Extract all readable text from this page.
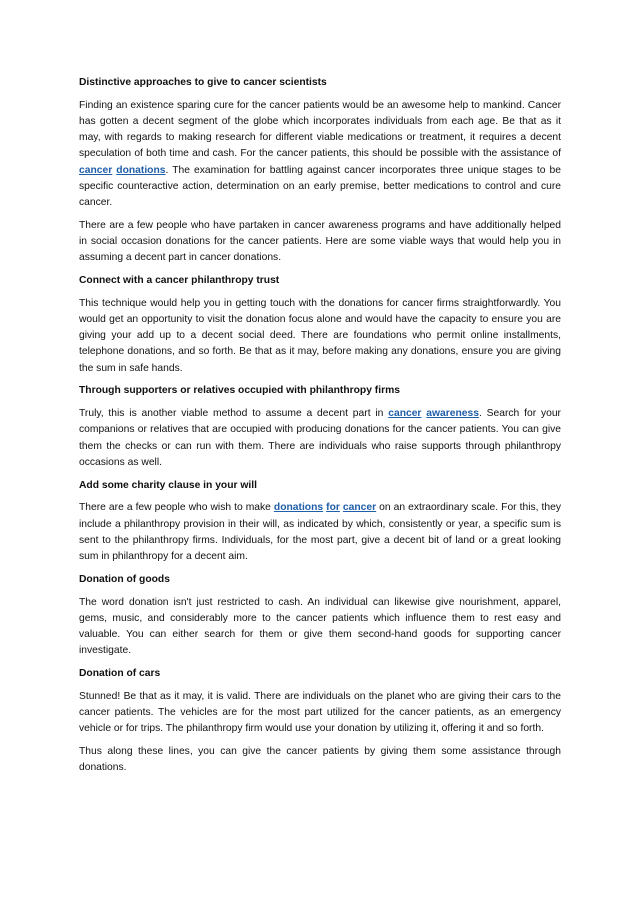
Distinctive approaches to give to cancer scientists
Finding an existence sparing cure for the cancer patients would be an awesome help to mankind. Cancer has gotten a decent segment of the globe which incorporates individuals from each age. Be that as it may, with regards to making research for different viable medications or treatment, it requires a decent speculation of both time and cash. For the cancer patients, this should be possible with the assistance of cancer donations. The examination for battling against cancer incorporates three unique stages to be specific counteractive action, determination on an early premise, better medications to control and cure cancer.
There are a few people who have partaken in cancer awareness programs and have additionally helped in social occasion donations for the cancer patients. Here are some viable ways that would help you in assuming a decent part in cancer donations.
Connect with a cancer philanthropy trust
This technique would help you in getting touch with the donations for cancer firms straightforwardly. You would get an opportunity to visit the donation focus alone and would have the capacity to ensure you are giving your add up to a decent social deed. There are foundations who permit online installments, telephone donations, and so forth. Be that as it may, before making any donations, ensure you are giving the sum in safe hands.
Through supporters or relatives occupied with philanthropy firms
Truly, this is another viable method to assume a decent part in cancer awareness. Search for your companions or relatives that are occupied with producing donations for the cancer patients. You can give them the checks or can run with them. There are individuals who raise supports through philanthropy occasions as well.
Add some charity clause in your will
There are a few people who wish to make donations for cancer on an extraordinary scale. For this, they include a philanthropy provision in their will, as indicated by which, consistently or year, a specific sum is sent to the philanthropy firms. Individuals, for the most part, give a decent bit of land or a great looking sum in philanthropy for a decent aim.
Donation of goods
The word donation isn't just restricted to cash. An individual can likewise give nourishment, apparel, gems, music, and considerably more to the cancer patients which influence them to rest easy and valuable. You can either search for them or give them second-hand goods for supporting cancer investigate.
Donation of cars
Stunned! Be that as it may, it is valid. There are individuals on the planet who are giving their cars to the cancer patients. The vehicles are for the most part utilized for the cancer patients, as an emergency vehicle or for trips. The philanthropy firm would use your donation by utilizing it, offering it and so forth.
Thus along these lines, you can give the cancer patients by giving them some assistance through donations.
